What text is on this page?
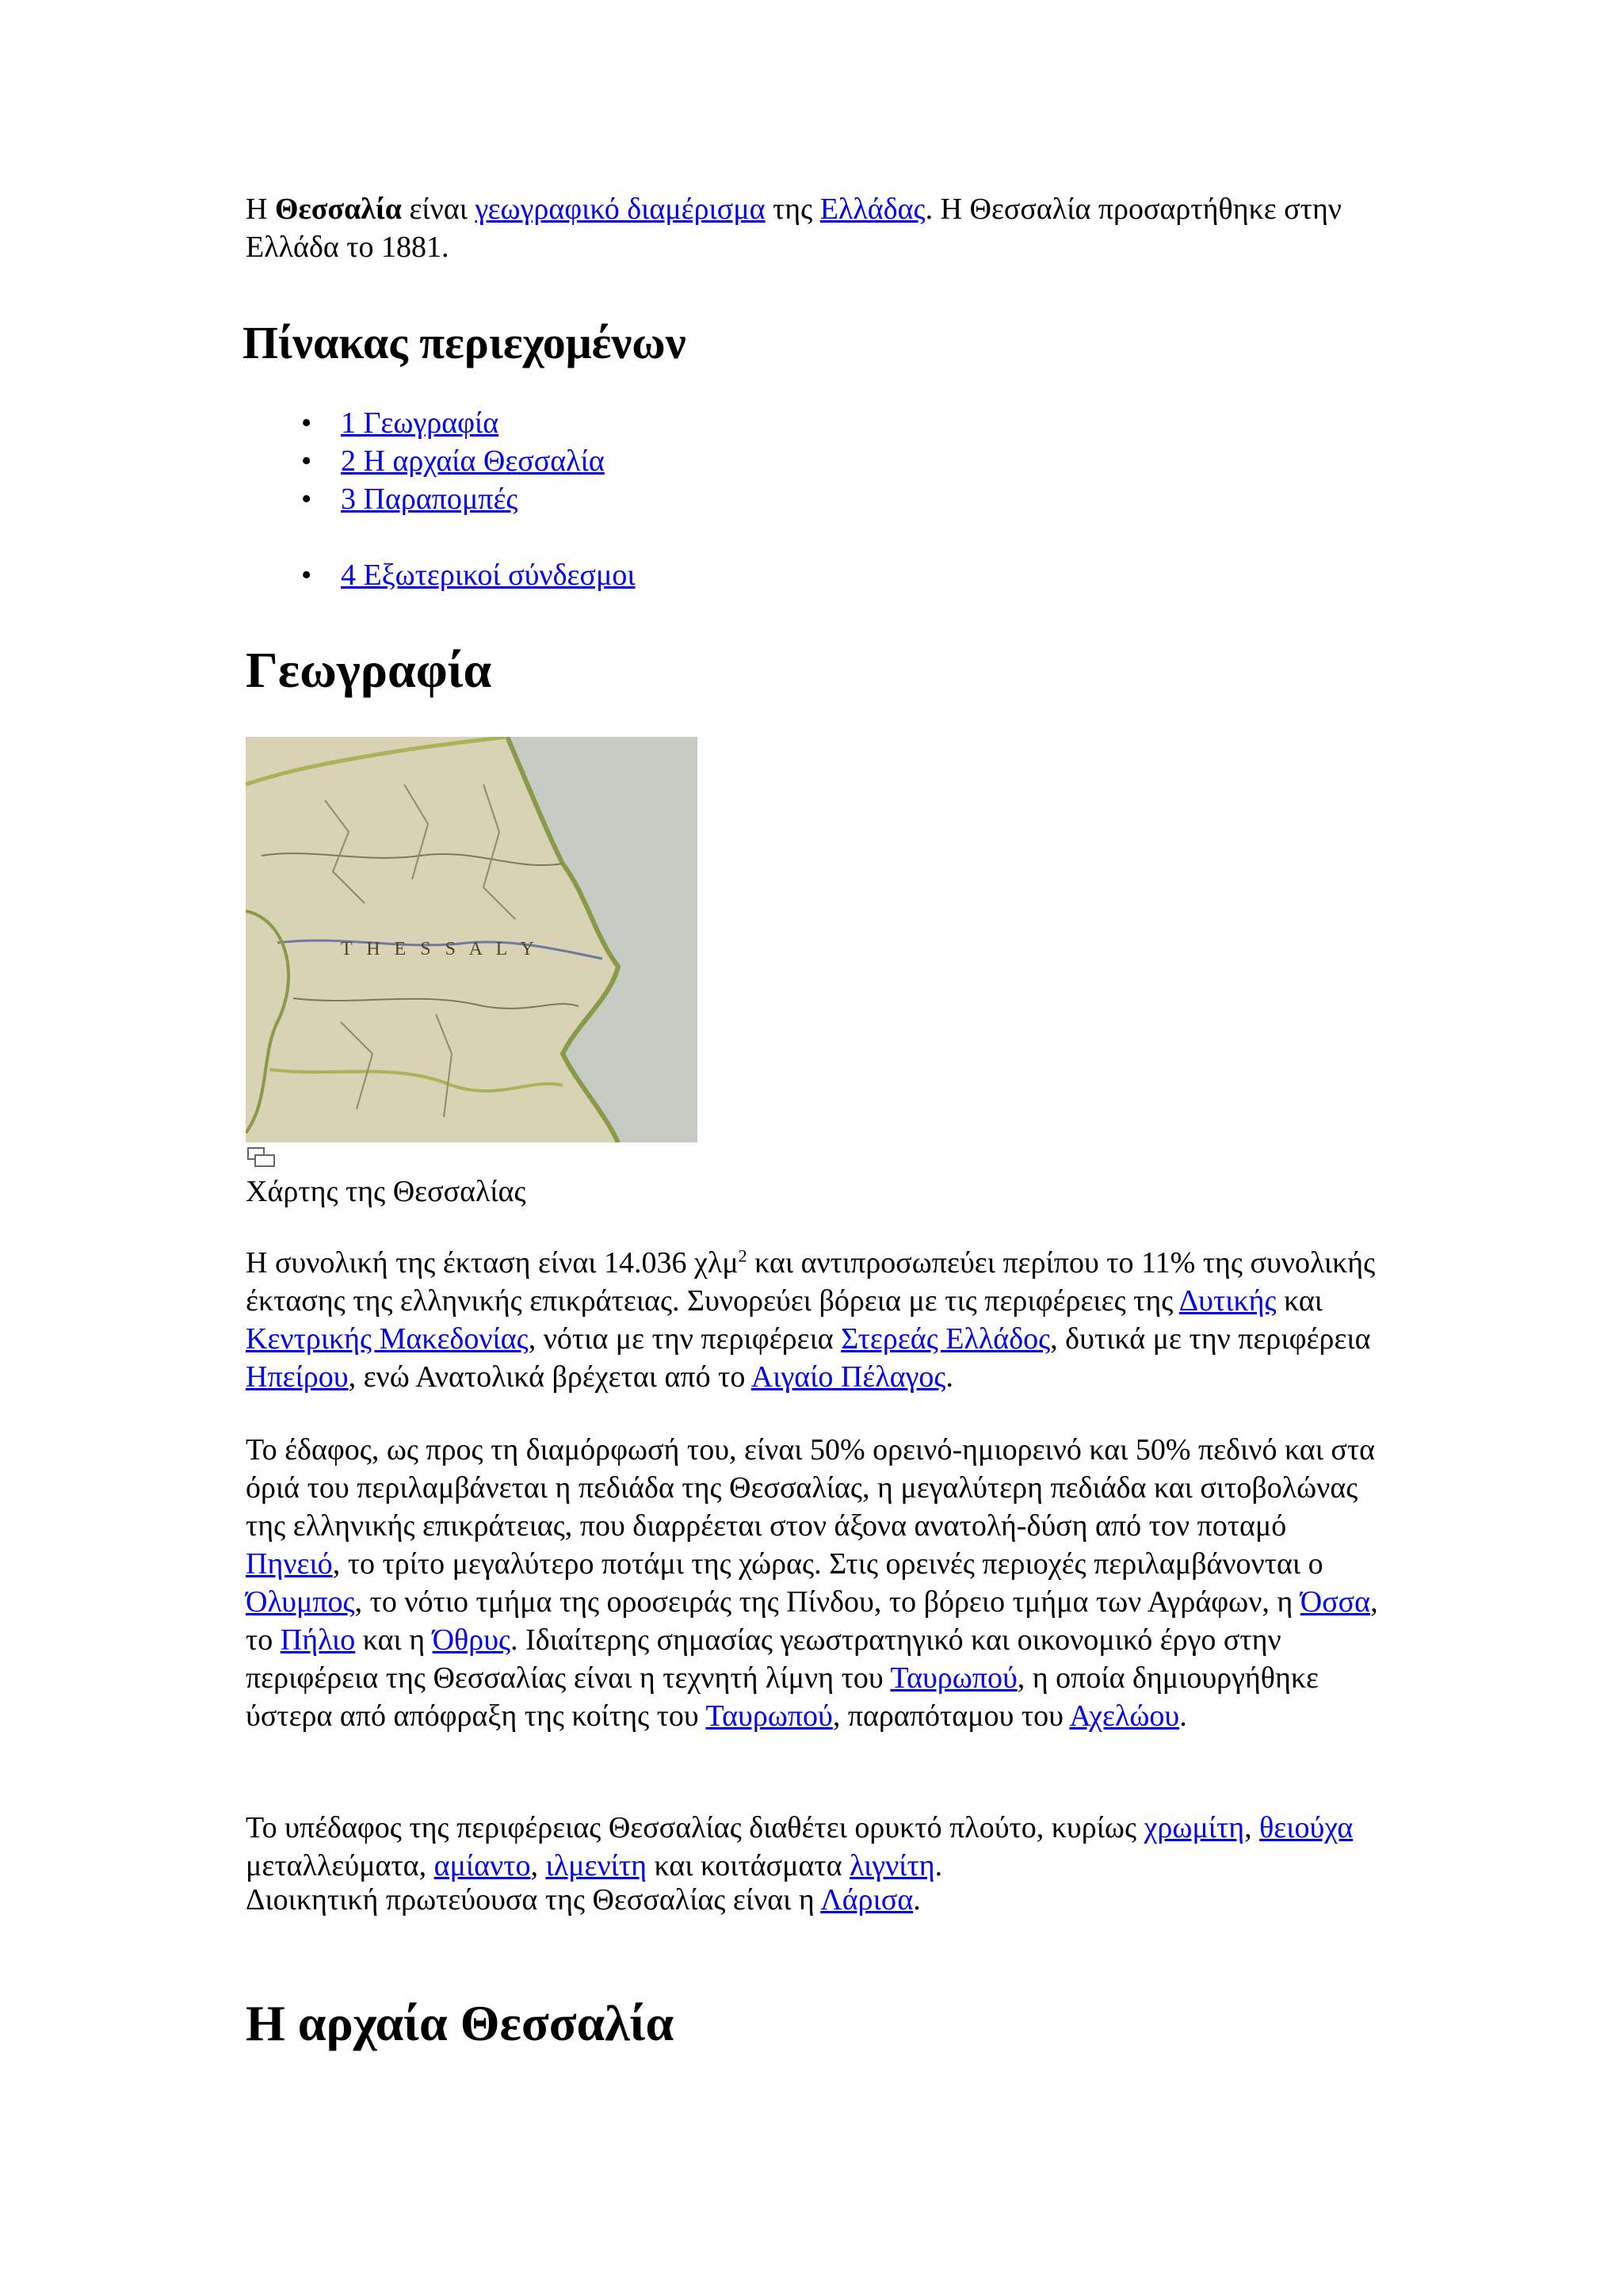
Η Θεσσαλία είναι γεωγραφικό διαμέρισμα της Ελλάδας. Η Θεσσαλία προσαρτήθηκε στην Ελλάδα το 1881.

Πίνακας περιεχομένων
• 1 Γεωγραφία
• 2 Η αρχαία Θεσσαλία
• 3 Παραπομπές
• 4 Εξωτερικοί σύνδεσμοι
Γεωγραφία
T H E S S A L Y

Χάρτης της Θεσσαλίας

Η συνολική της έκταση είναι 14.036 χλμ$^2$ και αντιπροσωπεύει περίπου το 11% της συνολικής έκτασης της ελληνικής επικράτειας. Συνορεύει βόρεια με τις περιφέρειες της Δυτικής και Κεντρικής Μακεδονίας, νότια με την περιφέρεια Στερεάς Ελλάδος, δυτικά με την περιφέρεια Ηπείρου, ενώ Ανατολικά βρέχεται από το Αιγαίο Πέλαγος.

Το έδαφος, ως προς τη διαμόρφωσή του, είναι 50% ορεινό-ημιορεινό και 50% πεδινό και στα όριά του περιλαμβάνεται η πεδιάδα της Θεσσαλίας, η μεγαλύτερη πεδιάδα και σιτοβολώνας της ελληνικής επικράτειας, που διαρρέεται στον άξονα ανατολή-δύση από τον ποταμό Πηνειό, το τρίτο μεγαλύτερο ποτάμι της χώρας. Στις ορεινές περιοχές περιλαμβάνονται ο Όλυμπος, το νότιο τμήμα της οροσειράς της Πίνδου, το βόρειο τμήμα των Αγράφων, η Όσσα, το Πήλιο και η Όθρυς. Ιδιαίτερης σημασίας γεωστρατηγικό και οικονομικό έργο στην περιφέρεια της Θεσσαλίας είναι η τεχνητή λίμνη του Ταυρωπού, η οποία δημιουργήθηκε ύστερα από απόφραξη της κοίτης του Ταυρωπού, παραπόταμου του Αχελώου.

Το υπέδαφος της περιφέρειας Θεσσαλίας διαθέτει ορυκτό πλούτο, κυρίως χρωμίτη, θειούχα μεταλλεύματα, αμίαντο, ιλμενίτη και κοιτάσματα λιγνίτη.

Διοικητική πρωτεύουσα της Θεσσαλίας είναι η Λάρισα.

Η αρχαία Θεσσαλία
